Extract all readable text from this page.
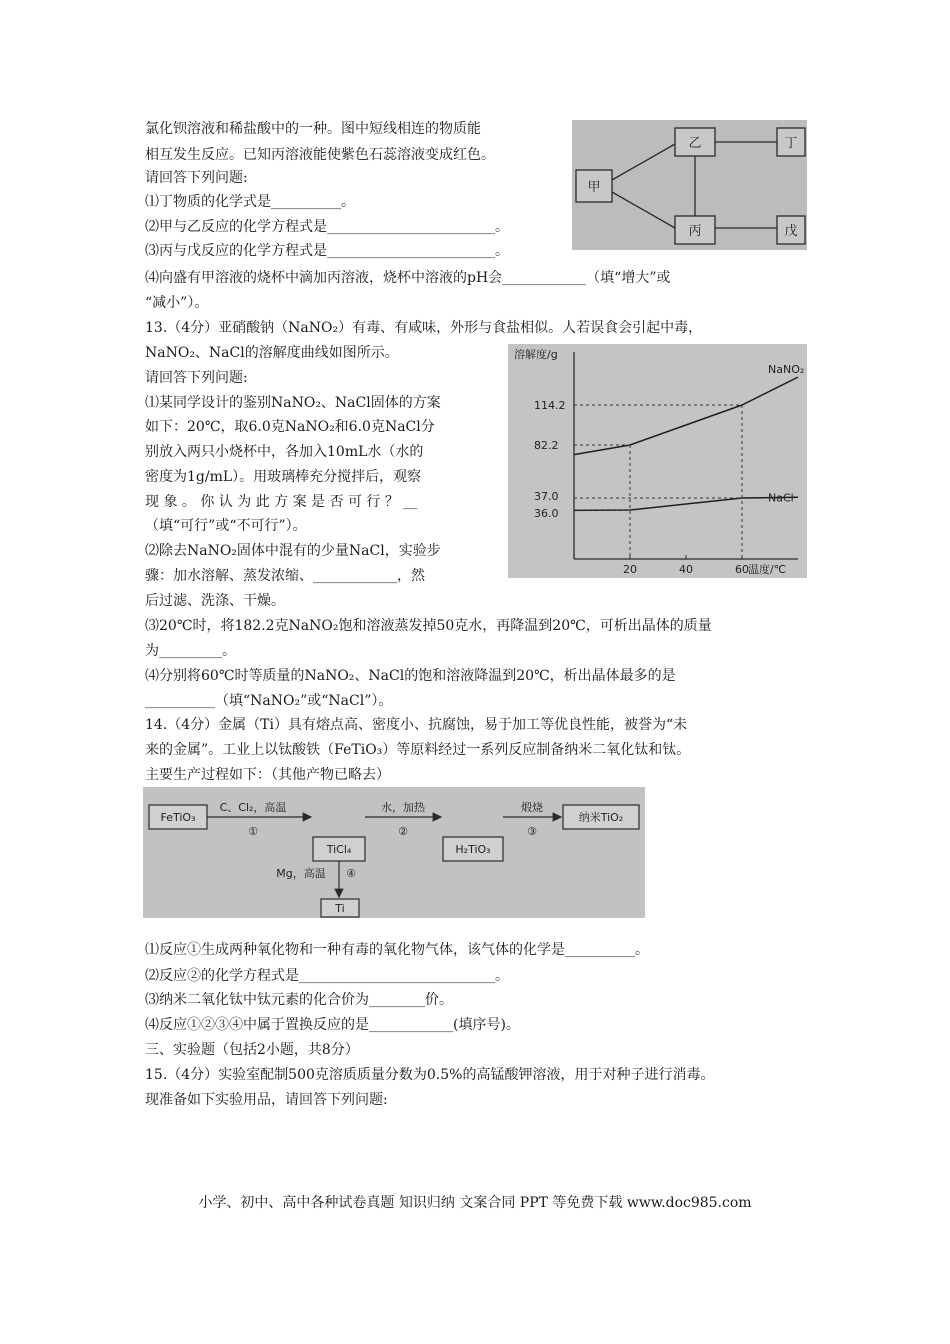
氯化钡溶液和稀盐酸中的一种。图中短线相连的物质能
相互发生反应。已知丙溶液能使紫色石蕊溶液变成红色。
请回答下列问题:
⑴丁物质的化学式是__________。
⑵甲与乙反应的化学方程式是________________________。
⑶丙与戊反应的化学方程式是________________________。
⑷向盛有甲溶液的烧杯中滴加丙溶液，烧杯中溶液的pH会____________（填“增大”或
“减小”）。
13.（4分）亚硝酸钠（NaNO₂）有毒、有咸味，外形与食盐相似。人若误食会引起中毒，
NaNO₂、NaCl的溶解度曲线如图所示。
请回答下列问题:
⑴某同学设计的鉴别NaNO₂、NaCl固体的方案
如下：20℃，取6.0克NaNO₂和6.0克NaCl分
别放入两只小烧杯中，各加入10mL水（水的
密度为1g/mL）。用玻璃棒充分搅拌后，观察
现 象 。 你 认 为 此 方 案 是 否 可 行 ？ __
（填“可行”或“不可行”）。
⑵除去NaNO₂固体中混有的少量NaCl，实验步
骤：加水溶解、蒸发浓缩、____________，然
后过滤、洗涤、干燥。
⑶20℃时，将182.2克NaNO₂饱和溶液蒸发掉50克水，再降温到20℃，可析出晶体的质量
为_________。
⑷分别将60℃时等质量的NaNO₂、NaCl的饱和溶液降温到20℃，析出晶体最多的是
__________（填“NaNO₂”或“NaCl”）。
14.（4分）金属（Ti）具有熔点高、密度小、抗腐蚀，易于加工等优良性能，被誉为“未
来的金属”。工业上以钛酸铁（FeTiO₃）等原料经过一系列反应制备纳米二氧化钛和钛。
主要生产过程如下：（其他产物已略去）
⑴反应①生成两种氧化物和一种有毒的氧化物气体，该气体的化学是__________。
⑵反应②的化学方程式是____________________________。
⑶纳米二氧化钛中钛元素的化合价为________价。
⑷反应①②③④中属于置换反应的是____________(填序号)。
三、实验题（包括2小题，共8分）
15.（4分）实验室配制500克溶质质量分数为0.5%的高锰酸钾溶液，用于对种子进行消毒。
现准备如下实验用品，请回答下列问题:
甲
乙
丙
丁
戊
溶解度/g
温度/℃
NaNO₂
NaCl
114.2
82.2
37.0
36.0
20	40	60
FeTiO₃
C、Cl₂，高温
①
TiCl₄
水，加热
②
H₂TiO₃
煅烧
③
纳米TiO₂
Mg，高温 ④
Ti
小学、初中、高中各种试卷真题 知识归纳 文案合同 PPT 等免费下载 www.doc985.com
